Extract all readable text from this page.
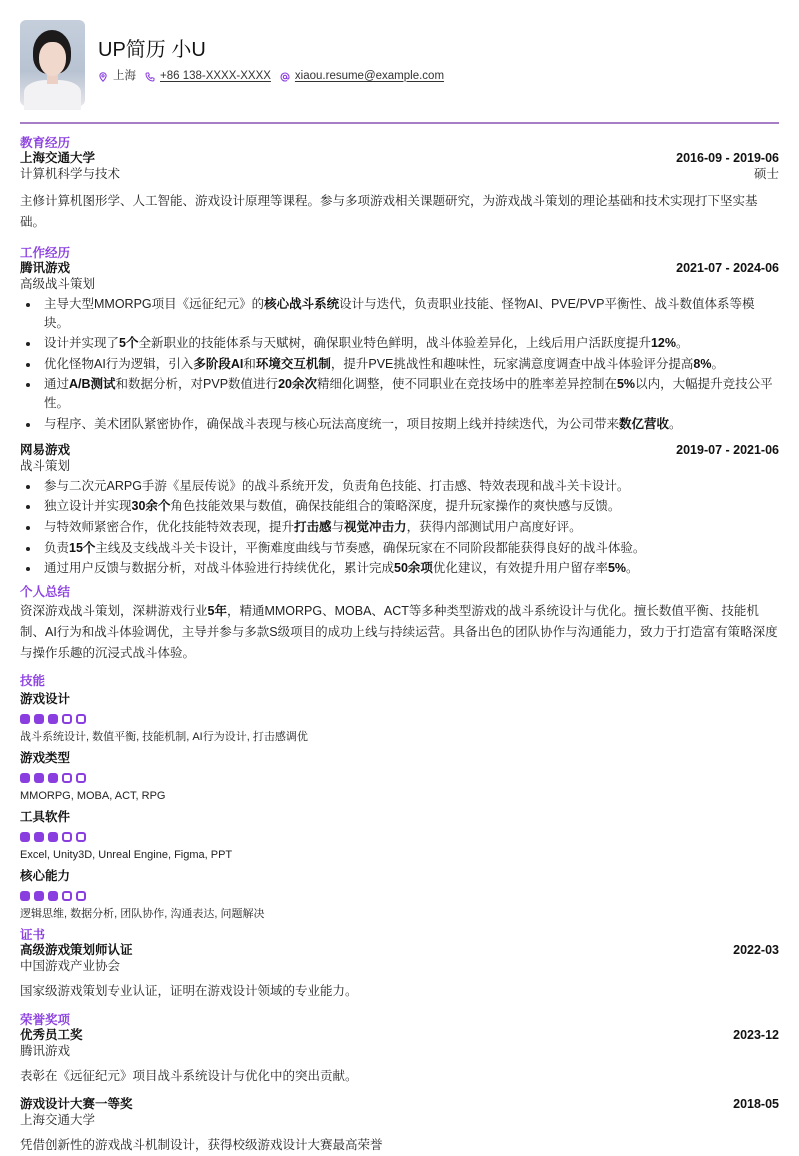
UP简历 小U
上海 +86 138-XXXX-XXXX xiaou.resume@example.com
教育经历
上海交通大学	2016-09 - 2019-06
计算机科学与技术	硕士
主修计算机图形学、人工智能、游戏设计原理等课程。参与多项游戏相关课题研究，为游戏战斗策划的理论基础和技术实现打下坚实基础。
工作经历
腾讯游戏	2021-07 - 2024-06
高级战斗策划
主导大型MMORPG项目《远征纪元》的核心战斗系统设计与迭代，负责职业技能、怪物AI、PVE/PVP平衡性、战斗数值体系等模块。
设计并实现了5个全新职业的技能体系与天赋树，确保职业特色鲜明，战斗体验差异化，上线后用户活跃度提升12%。
优化怪物AI行为逻辑，引入多阶段AI和环境交互机制，提升PVE挑战性和趣味性，玩家满意度调查中战斗体验评分提高8%。
通过A/B测试和数据分析，对PVP数值进行20余次精细化调整，使不同职业在竞技场中的胜率差异控制在5%以内，大幅提升竞技公平性。
与程序、美术团队紧密协作，确保战斗表现与核心玩法高度统一，项目按期上线并持续迭代，为公司带来数亿营收。
网易游戏	2019-07 - 2021-06
战斗策划
参与二次元ARPG手游《星辰传说》的战斗系统开发，负责角色技能、打击感、特效表现和战斗关卡设计。
独立设计并实现30余个角色技能效果与数值，确保技能组合的策略深度，提升玩家操作的爽快感与反馈。
与特效师紧密合作，优化技能特效表现，提升打击感与视觉冲击力，获得内部测试用户高度好评。
负责15个主线及支线战斗关卡设计，平衡难度曲线与节奏感，确保玩家在不同阶段都能获得良好的战斗体验。
通过用户反馈与数据分析，对战斗体验进行持续优化，累计完成50余项优化建议，有效提升用户留存率5%。
个人总结
资深游戏战斗策划，深耕游戏行业5年，精通MMORPG、MOBA、ACT等多种类型游戏的战斗系统设计与优化。擅长数值平衡、技能机制、AI行为和战斗体验调优，主导并参与多款S级项目的成功上线与持续运营。具备出色的团队协作与沟通能力，致力于打造富有策略深度与操作乐趣的沉浸式战斗体验。
技能
游戏设计
战斗系统设计, 数值平衡, 技能机制, AI行为设计, 打击感调优
游戏类型
MMORPG, MOBA, ACT, RPG
工具软件
Excel, Unity3D, Unreal Engine, Figma, PPT
核心能力
逻辑思维, 数据分析, 团队协作, 沟通表达, 问题解决
证书
高级游戏策划师认证	2022-03
中国游戏产业协会
国家级游戏策划专业认证，证明在游戏设计领域的专业能力。
荣誉奖项
优秀员工奖	2023-12
腾讯游戏
表彰在《远征纪元》项目战斗系统设计与优化中的突出贡献。
游戏设计大赛一等奖	2018-05
上海交通大学
凭借创新性的游戏战斗机制设计，获得校级游戏设计大赛最高荣誉
